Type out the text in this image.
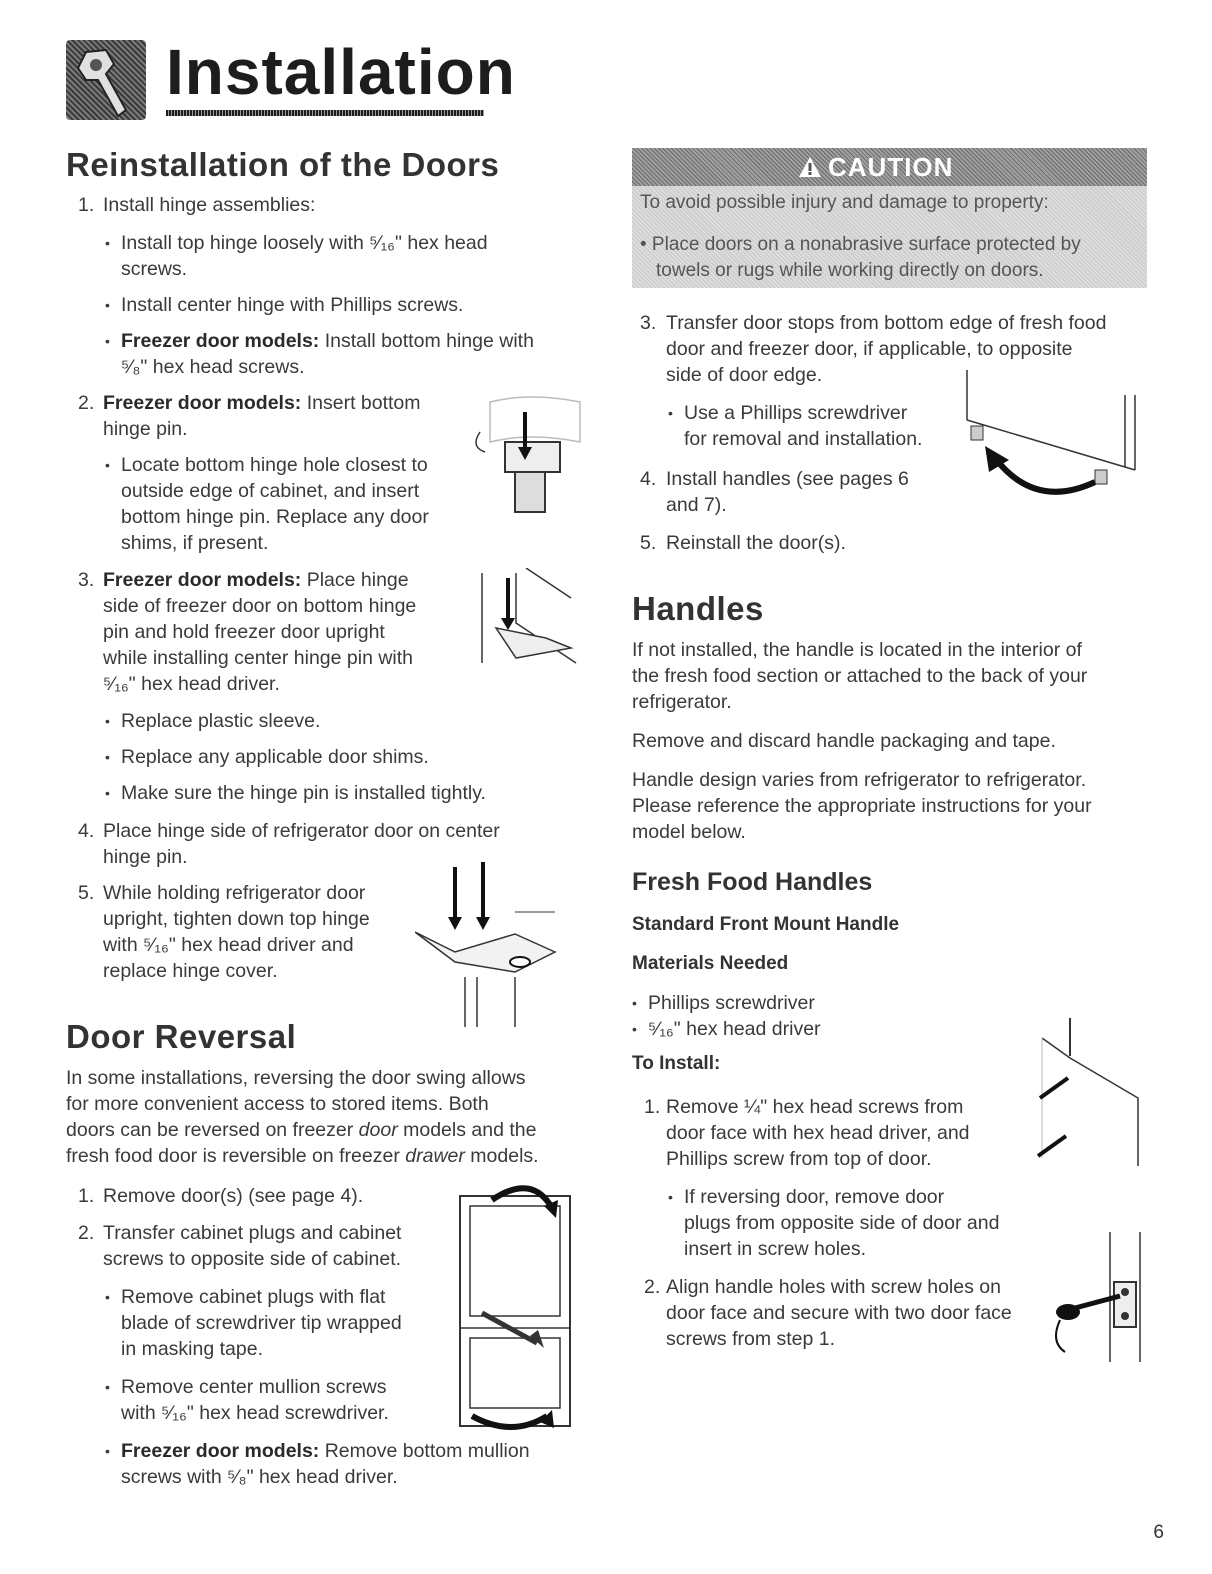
Installation
Reinstallation of the Doors
1. Install hinge assemblies:
• Install top hinge loosely with ⁵⁄₁₆" hex head
screws.
• Install center hinge with Phillips screws.
• Freezer door models: Install bottom hinge with
⁵⁄₈" hex head screws.
2. Freezer door models: Insert bottom
hinge pin.
• Locate bottom hinge hole closest to
outside edge of cabinet, and insert
bottom hinge pin. Replace any door
shims, if present.
3. Freezer door models: Place hinge
side of freezer door on bottom hinge
pin and hold freezer door upright
while installing center hinge pin with
⁵⁄₁₆" hex head driver.
• Replace plastic sleeve.
• Replace any applicable door shims.
• Make sure the hinge pin is installed tightly.
4. Place hinge side of refrigerator door on center
hinge pin.
5. While holding refrigerator door
upright, tighten down top hinge
with ⁵⁄₁₆" hex head driver and
replace hinge cover.
Door Reversal
In some installations, reversing the door swing allows
for more convenient access to stored items. Both
doors can be reversed on freezer door models and the
fresh food door is reversible on freezer drawer models.
1. Remove door(s) (see page 4).
2. Transfer cabinet plugs and cabinet
screws to opposite side of cabinet.
• Remove cabinet plugs with flat
blade of screwdriver tip wrapped
in masking tape.
• Remove center mullion screws
with ⁵⁄₁₆" hex head screwdriver.
• Freezer door models: Remove bottom mullion
screws with ⁵⁄₈" hex head driver.
CAUTION
To avoid possible injury and damage to property:
• Place doors on a nonabrasive surface protected by
towels or rugs while working directly on doors.
3. Transfer door stops from bottom edge of fresh food
door and freezer door, if applicable, to opposite
side of door edge.
• Use a Phillips screwdriver
for removal and installation.
4. Install handles (see pages 6
and 7).
5. Reinstall the door(s).
Handles
If not installed, the handle is located in the interior of
the fresh food section or attached to the back of your
refrigerator.
Remove and discard handle packaging and tape.
Handle design varies from refrigerator to refrigerator.
Please reference the appropriate instructions for your
model below.
Fresh Food Handles
Standard Front Mount Handle
Materials Needed
• Phillips screwdriver
• ⁵⁄₁₆" hex head driver
To Install:
1. Remove ¼" hex head screws from
door face with hex head driver, and
Phillips screw from top of door.
• If reversing door, remove door
plugs from opposite side of door and
insert in screw holes.
2. Align handle holes with screw holes on
door face and secure with two door face
screws from step 1.
6
